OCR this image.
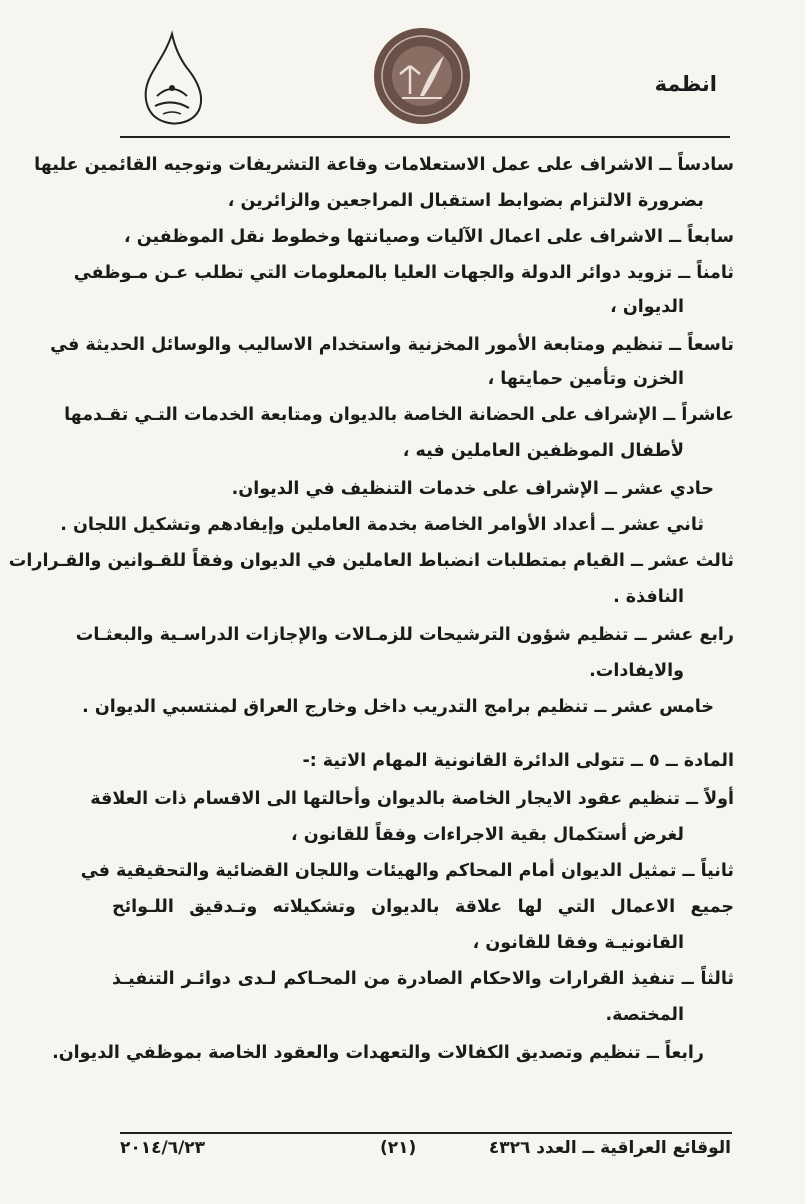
انظمة
سادساً ــ الاشراف على عمل الاستعلامات وقاعة التشريفات وتوجيه القائمين عليها
بضرورة الالتزام بضوابط استقبال المراجعين والزائرين ،
سابعاً ــ الاشراف على اعمال الآليات وصيانتها وخطوط نقل الموظفين ،
ثامناً ــ تزويد دوائر الدولة والجهات العليا بالمعلومات التي تطلب عـن مـوظفي
الديوان ،
تاسعاً ــ تنظيم ومتابعة الأمور المخزنية واستخدام الاساليب والوسائل الحديثة في
الخزن وتأمين حمايتها ،
عاشراً ــ الإشراف على الحضانة الخاصة بالديوان ومتابعة الخدمات التـي تقـدمها
لأطفال الموظفين العاملين فيه ،
حادي عشر ــ الإشراف على خدمات التنظيف في الديوان.
ثاني عشر ــ أعداد الأوامر الخاصة بخدمة العاملين وإيفادهم وتشكيل اللجان .
ثالث عشر ــ القيام بمتطلبات انضباط العاملين في الديوان وفقاً للقـوانين والقـرارات
النافذة .
رابع عشر ــ تنظيم شؤون الترشيحات للزمـالات والإجازات الدراسـية والبعثـات
والايفادات.
خامس عشر ــ تنظيم برامج التدريب داخل وخارج العراق لمنتسبي الديوان .
المادة ــ ٥ ــ تتولى الدائرة القانونية المهام الاتية :-
أولاً ــ تنظيم عقود الايجار الخاصة بالديوان وأحالتها الى الاقسام ذات العلاقة
لغرض أستكمال بقية الاجراءات وفقاً للقانون ،
ثانياً ــ تمثيل الديوان أمام المحاكم والهيئات واللجان القضائية والتحقيقية في
جميع الاعمال التي لها علاقة بالديوان وتشكيلاته وتـدقيق اللـوائح
القانونيـة وفقا للقانون ،
ثالثاً ــ تنفيذ القرارات والاحكام الصادرة من المحـاكم لـدى دوائـر التنفيـذ
المختصة.
رابعاً ــ تنظيم وتصديق الكفالات والتعهدات والعقود الخاصة بموظفي الديوان.
الوقائع العراقية ــ العدد ٤٣٢٦
(٢١)
٢٠١٤/٦/٢٣
